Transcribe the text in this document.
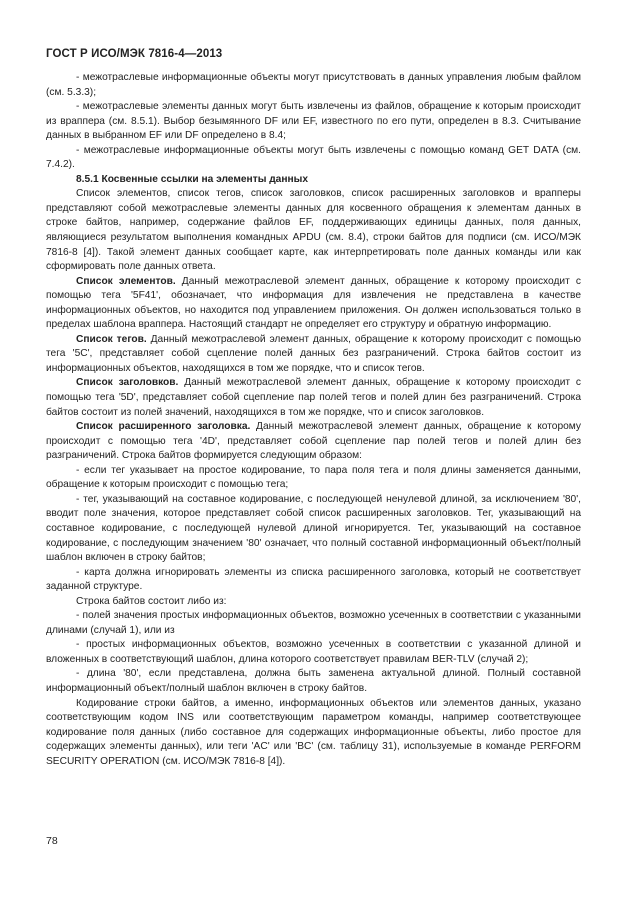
ГОСТ Р ИСО/МЭК 7816-4—2013

- межотраслевые информационные объекты могут присутствовать в данных управления любым файлом (см. 5.3.3);

- межотраслевые элементы данных могут быть извлечены из файлов, обращение к которым происходит из враппера (см. 8.5.1). Выбор безымянного DF или EF, известного по его пути, определен в 8.3. Считывание данных в выбранном EF или DF определено в 8.4;

- межотраслевые информационные объекты могут быть извлечены с помощью команд GET DATA (см. 7.4.2).

8.5.1 Косвенные ссылки на элементы данных

Список элементов, список тегов, список заголовков, список расширенных заголовков и врапперы представляют собой межотраслевые элементы данных для косвенного обращения к элементам данных в строке байтов, например, содержание файлов EF, поддерживающих единицы данных, поля данных, являющиеся результатом выполнения командных APDU (см. 8.4), строки байтов для подписи (см. ИСО/МЭК 7816-8 [4]). Такой элемент данных сообщает карте, как интерпретировать поле данных команды или как сформировать поле данных ответа.

Список элементов. Данный межотраслевой элемент данных, обращение к которому происходит с помощью тега '5F41', обозначает, что информация для извлечения не представлена в качестве информационных объектов, но находится под управлением приложения. Он должен использоваться только в пределах шаблона враппера. Настоящий стандарт не определяет его структуру и обратную информацию.

Список тегов. Данный межотраслевой элемент данных, обращение к которому происходит с помощью тега '5C', представляет собой сцепление полей данных без разграничений. Строка байтов состоит из информационных объектов, находящихся в том же порядке, что и список тегов.

Список заголовков. Данный межотраслевой элемент данных, обращение к которому происходит с помощью тега '5D', представляет собой сцепление пар полей тегов и полей длин без разграничений. Строка байтов состоит из полей значений, находящихся в том же порядке, что и список заголовков.

Список расширенного заголовка. Данный межотраслевой элемент данных, обращение к которому происходит с помощью тега '4D', представляет собой сцепление пар полей тегов и полей длин без разграничений. Строка байтов формируется следующим образом:

- если тег указывает на простое кодирование, то пара поля тега и поля длины заменяется данными, обращение к которым происходит с помощью тега;

- тег, указывающий на составное кодирование, с последующей ненулевой длиной, за исключением '80', вводит поле значения, которое представляет собой список расширенных заголовков. Тег, указывающий на составное кодирование, с последующей нулевой длиной игнорируется. Тег, указывающий на составное кодирование, с последующим значением '80' означает, что полный составной информационный объект/полный шаблон включен в строку байтов;

- карта должна игнорировать элементы из списка расширенного заголовка, который не соответствует заданной структуре.

Строка байтов состоит либо из:

- полей значения простых информационных объектов, возможно усеченных в соответствии с указанными длинами (случай 1), или из

- простых информационных объектов, возможно усеченных в соответствии с указанной длиной и вложенных в соответствующий шаблон, длина которого соответствует правилам BER-TLV (случай 2);

- длина '80', если представлена, должна быть заменена актуальной длиной. Полный составной информационный объект/полный шаблон включен в строку байтов.

Кодирование строки байтов, а именно, информационных объектов или элементов данных, указано соответствующим кодом INS или соответствующим параметром команды, например соответствующее кодирование поля данных (либо составное для содержащих информационные объекты, либо простое для содержащих элементы данных), или теги 'AC' или 'BC' (см. таблицу 31), используемые в команде PERFORM SECURITY OPERATION (см. ИСО/МЭК 7816-8 [4]).

78
